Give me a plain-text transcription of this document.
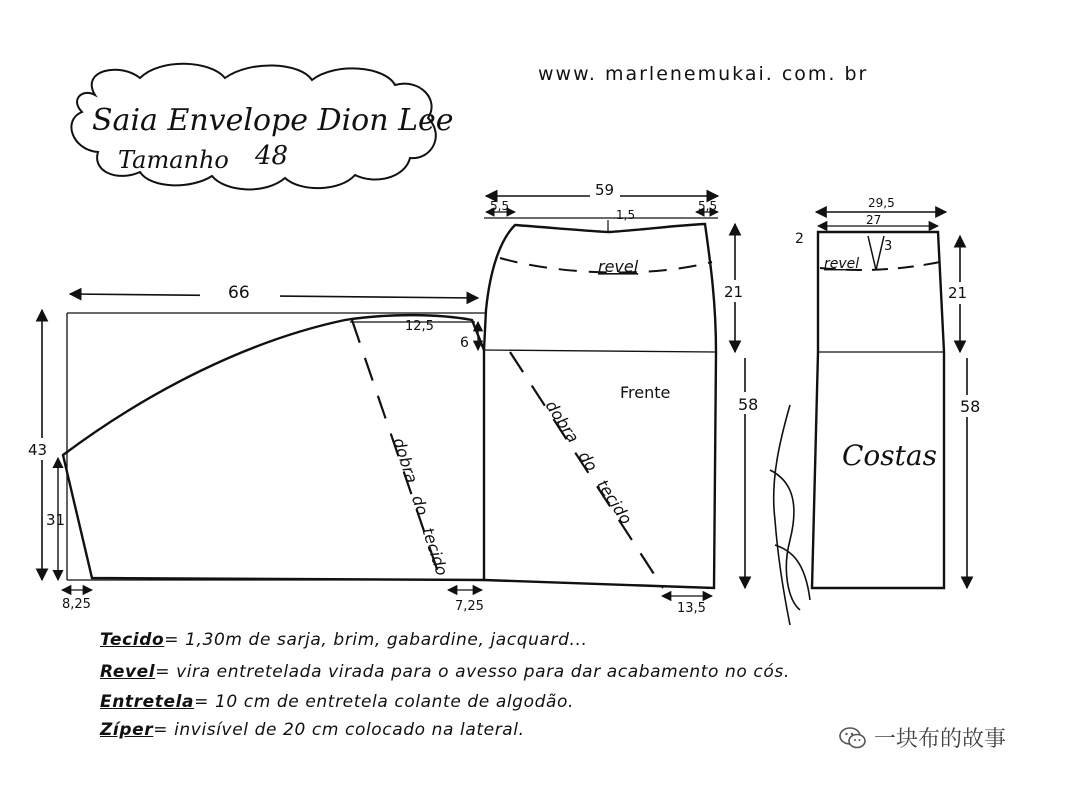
www. marlenemukai. com. br
Saia Envelope Dion Lee
Tamanho 48
66
43
31
8,25
12,5
6
dobradotecido
7,25
revel
dobradotecido
Frente
59
5,5	5,5
1,5
21
58
13,5
revel
3
29,5
27
2
21
58
Costas
Tecido= 1,30m de sarja, brim, gabardine, jacquard...
Revel= vira entretelada virada para o avesso para dar acabamento no cós.
Entretela= 10 cm de entretela colante de algodão.
Zíper= invisível de 20 cm colocado na lateral.	一块布的故事
